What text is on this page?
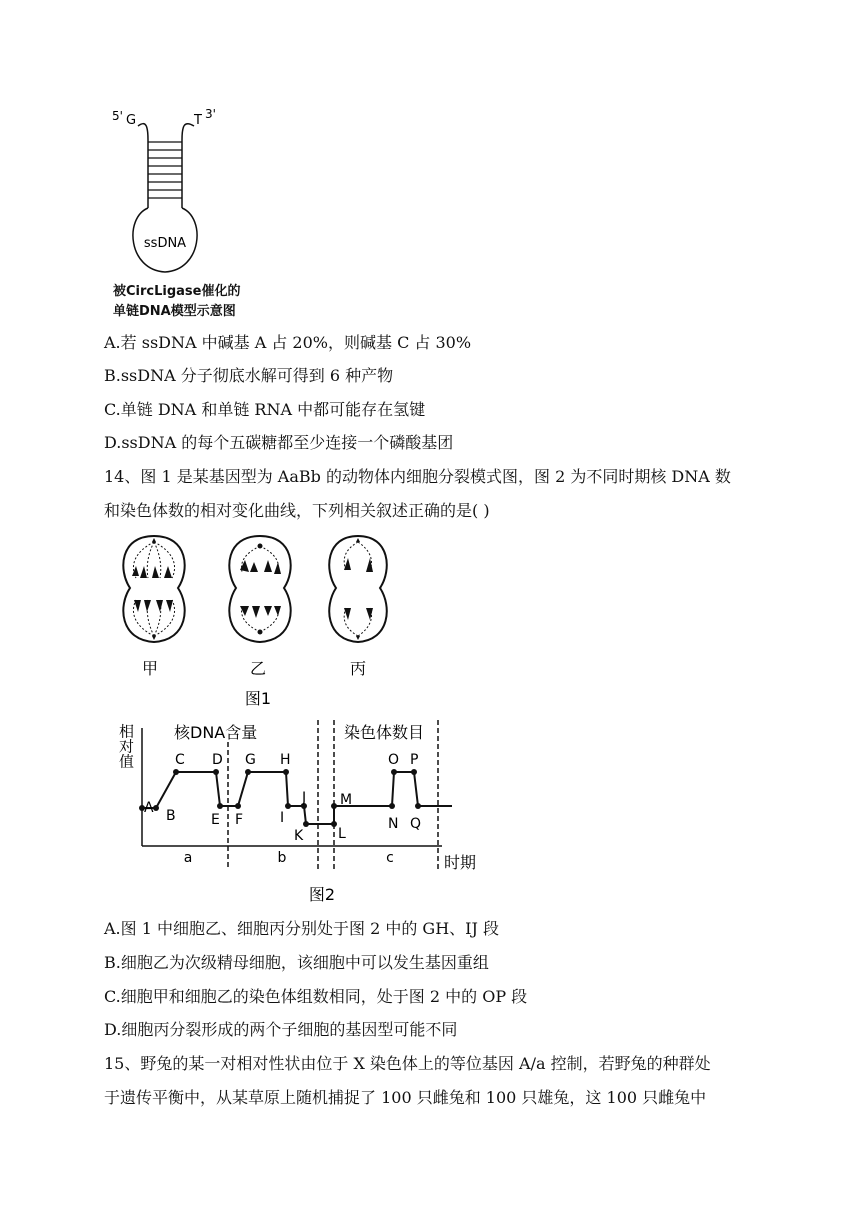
5' G	T 3'
ssDNA
被CircLigase催化的
单链DNA模型示意图
A.若 ssDNA 中碱基 A 占 20%，则碱基 C 占 30%
B.ssDNA 分子彻底水解可得到 6 种产物
C.单链 DNA 和单链 RNA 中都可能存在氢键
D.ssDNA 的每个五碳糖都至少连接一个磷酸基团
14、图 1 是某基因型为 AaBb 的动物体内细胞分裂模式图，图 2 为不同时期核 DNA 数
和染色体数的相对变化曲线，下列相关叙述正确的是( )
甲	乙	丙
图1
相对值 核DNA含量	染色体数目
A B
C D
E F
G H
I
J
K L
M
N
O P
Q
a	b	c	时期
图2
A.图 1 中细胞乙、细胞丙分别处于图 2 中的 GH、IJ 段
B.细胞乙为次级精母细胞，该细胞中可以发生基因重组
C.细胞甲和细胞乙的染色体组数相同，处于图 2 中的 OP 段
D.细胞丙分裂形成的两个子细胞的基因型可能不同
15、野兔的某一对相对性状由位于 X 染色体上的等位基因 A/a 控制，若野兔的种群处
于遗传平衡中，从某草原上随机捕捉了 100 只雌兔和 100 只雄兔，这 100 只雌兔中
